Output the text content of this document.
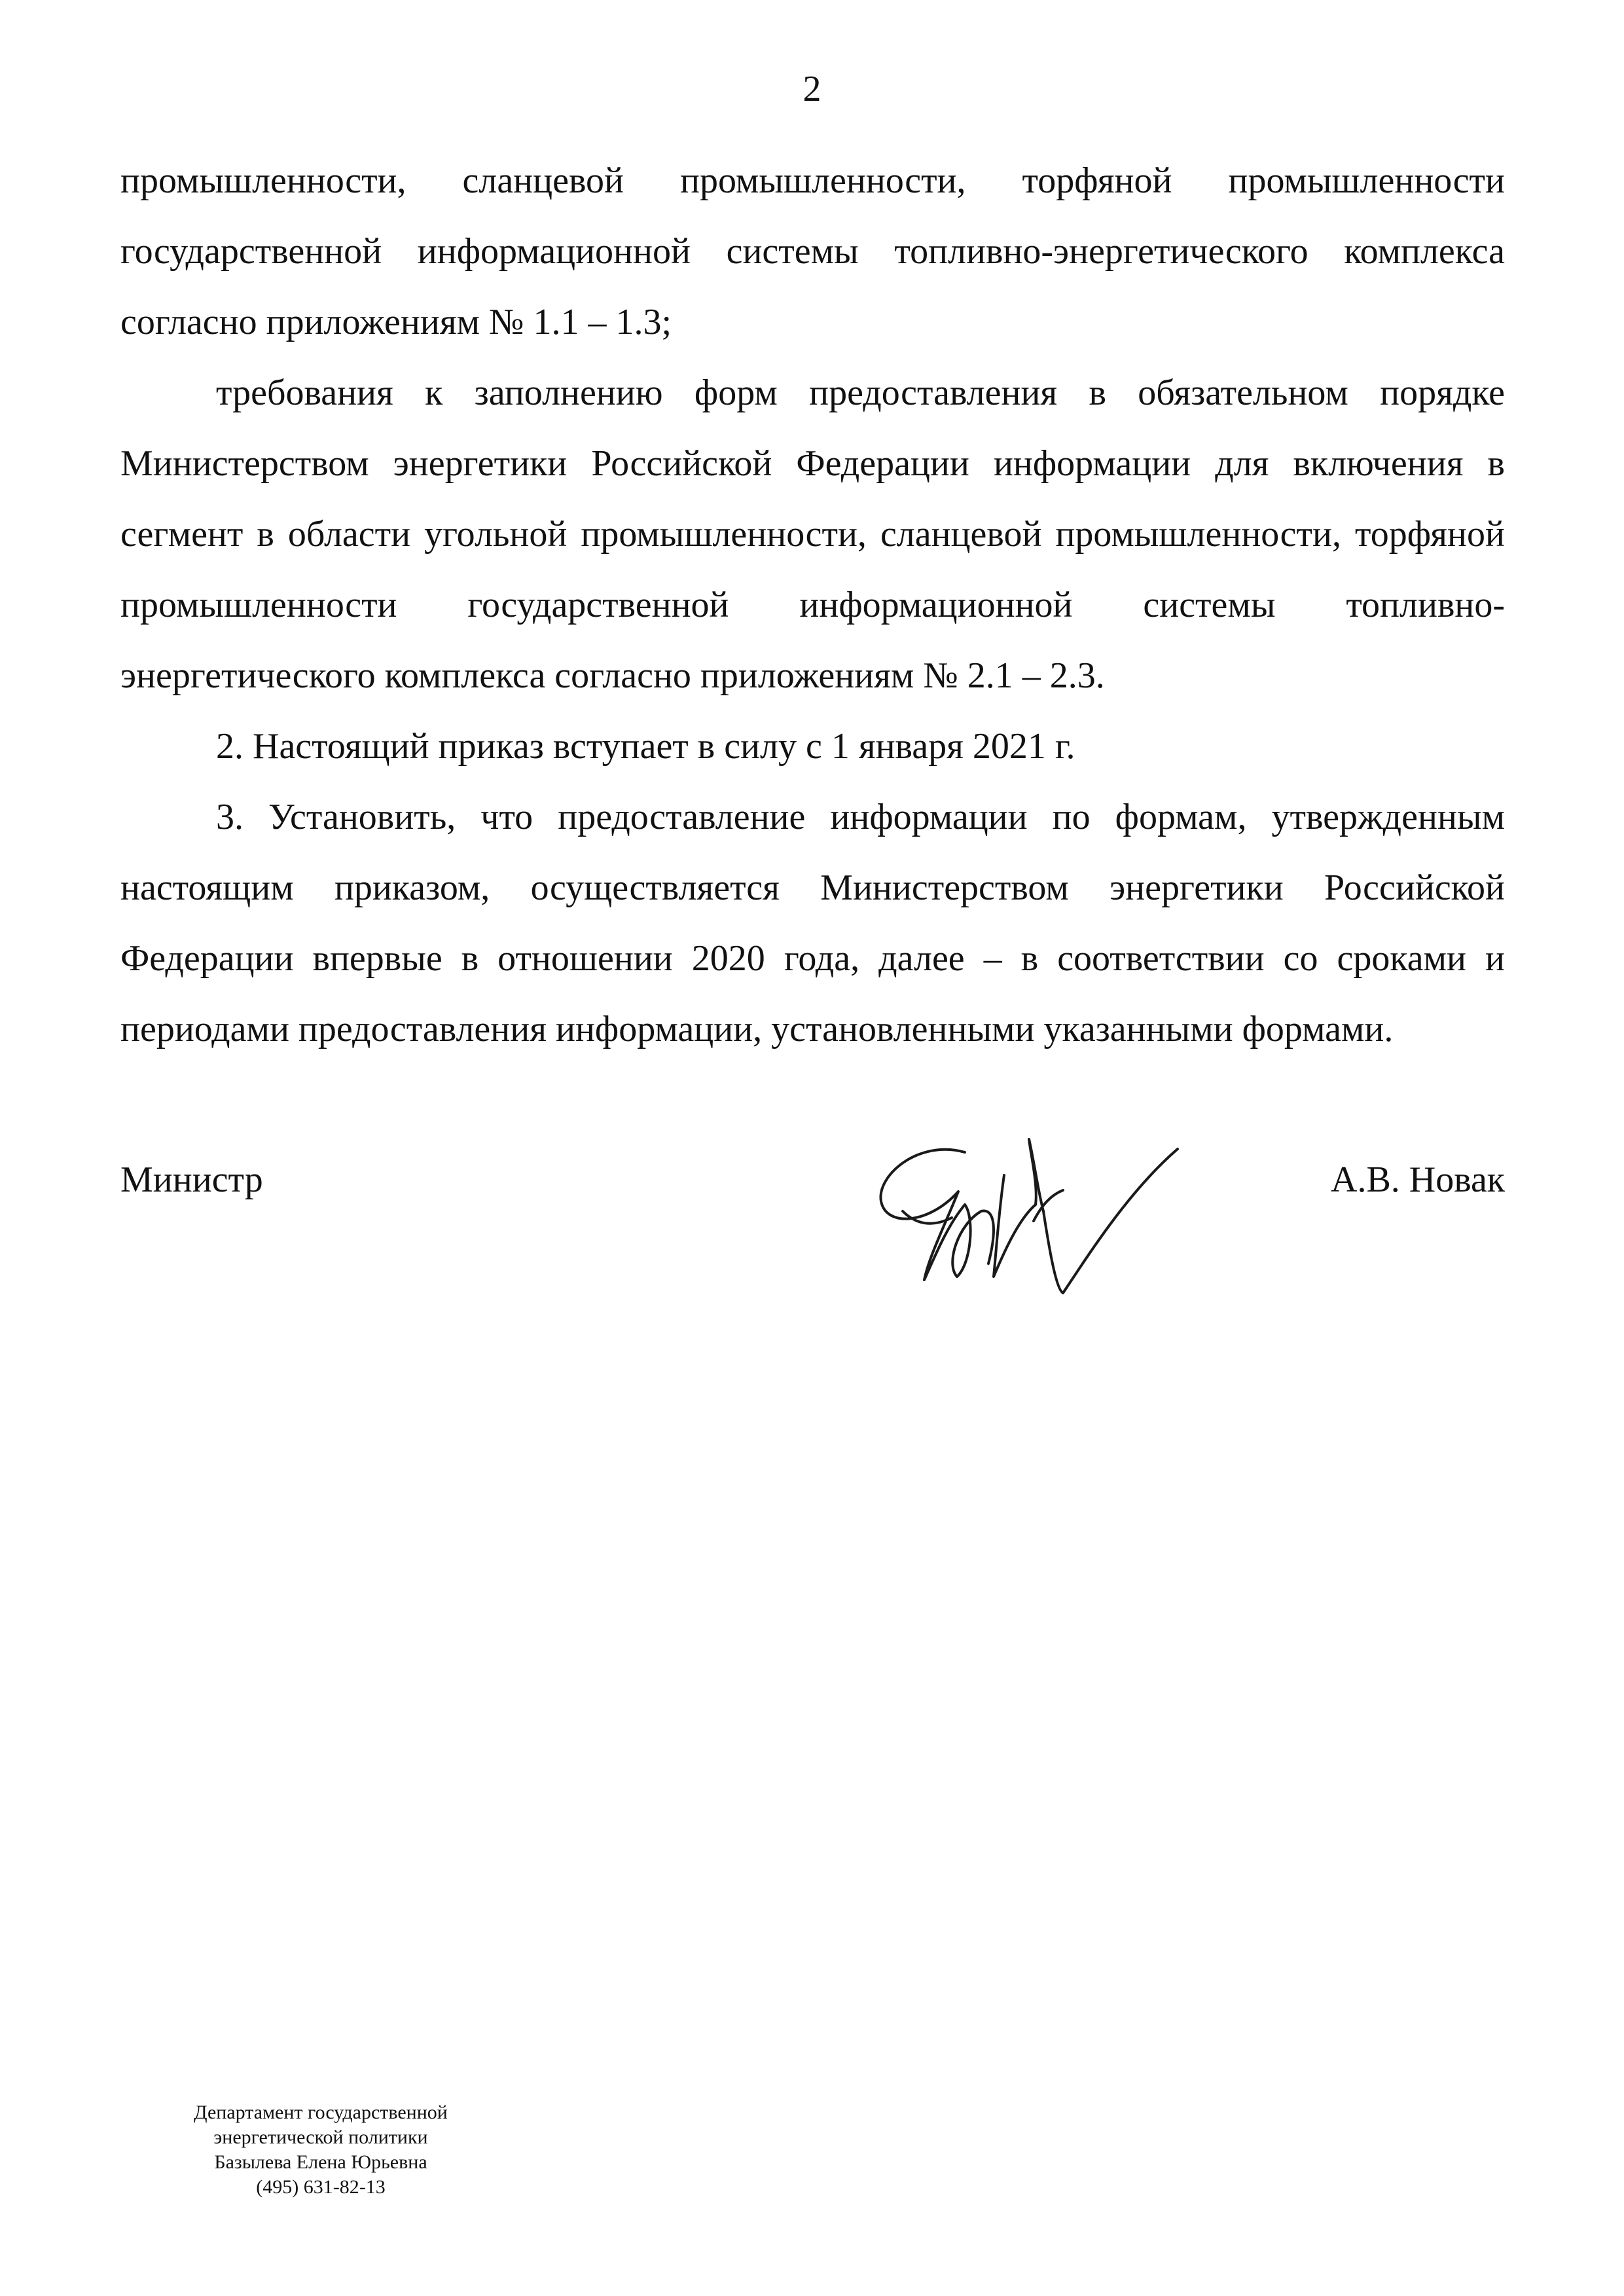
2

промышленности, сланцевой промышленности, торфяной промышленности государственной информационной системы топливно-энергетического комплекса согласно приложениям № 1.1 – 1.3;

требования к заполнению форм предоставления в обязательном порядке Министерством энергетики Российской Федерации информации для включения в сегмент в области угольной промышленности, сланцевой промышленности, торфяной промышленности государственной информационной системы топливно-энергетического комплекса согласно приложениям № 2.1 – 2.3.

2. Настоящий приказ вступает в силу с 1 января 2021 г.

3. Установить, что предоставление информации по формам, утвержденным настоящим приказом, осуществляется Министерством энергетики Российской Федерации впервые в отношении 2020 года, далее – в соответствии со сроками и периодами предоставления информации, установленными указанными формами.

Министр	А.В. Новак
Департамент государственной
энергетической политики
Базылева Елена Юрьевна
(495) 631-82-13
